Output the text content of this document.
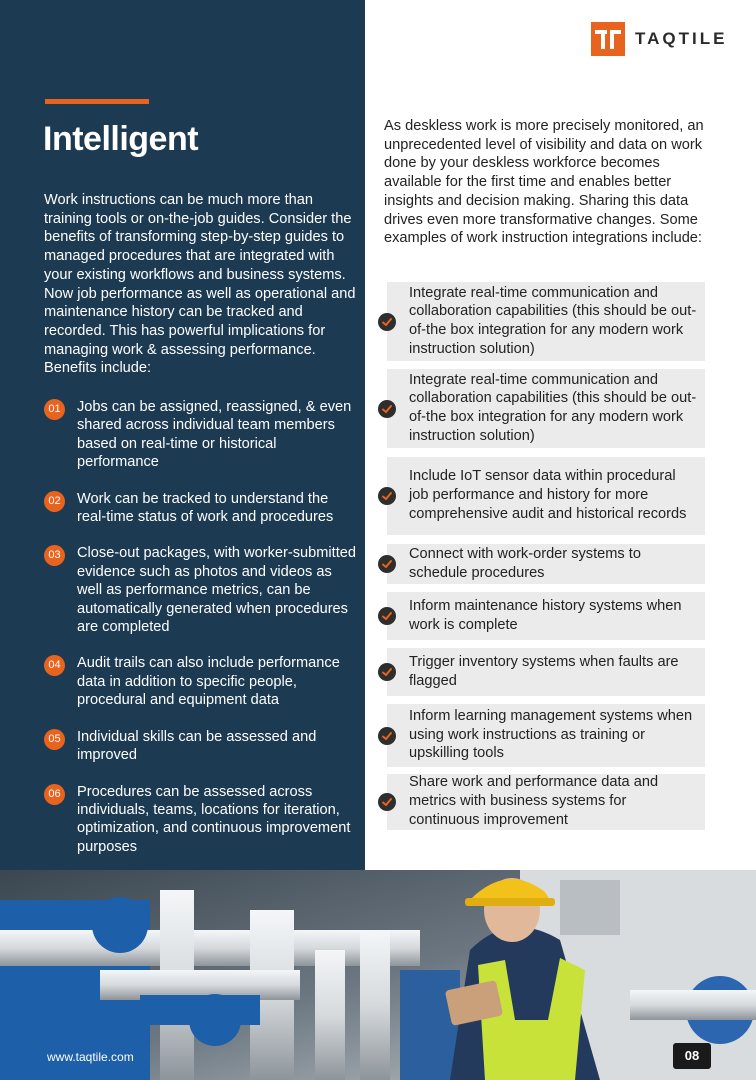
Intelligent

Work instructions can be much more than training tools or on-the-job guides. Consider the benefits of transforming step-by-step guides to managed procedures that are integrated with your existing workflows and business systems. Now job performance as well as operational and maintenance history can be tracked and recorded. This has powerful implications for managing work & assessing performance. Benefits include:

01 Jobs can be assigned, reassigned, & even shared across individual team members based on real-time or historical performance
02 Work can be tracked to understand the real-time status of work and procedures
03 Close-out packages, with worker-submitted evidence such as photos and videos as well as performance metrics, can be automatically generated when procedures are completed
04 Audit trails can also include performance data in addition to specific people, procedural and equipment data
05 Individual skills can be assessed and improved
06 Procedures can be assessed across individuals, teams, locations for iteration, optimization, and continuous improvement purposes
TAQTILE

As deskless work is more precisely monitored, an unprecedented level of visibility and data on work done by your deskless workforce becomes available for the first time and enables better insights and decision making. Sharing this data drives even more transformative changes. Some examples of work instruction integrations include:

Integrate real-time communication and collaboration capabilities (this should be out-of-the box integration for any modern work instruction solution)
Integrate real-time communication and collaboration capabilities (this should be out-of-the box integration for any modern work instruction solution)
Include IoT sensor data within procedural job performance and history for more comprehensive audit and historical records
Connect with work-order systems to schedule procedures
Inform maintenance history systems when work is complete
Trigger inventory systems when faults are flagged
Inform learning management systems when using work instructions as training or upskilling tools
Share work and performance data and metrics with business systems for continuous improvement
www.taqtile.com	08
